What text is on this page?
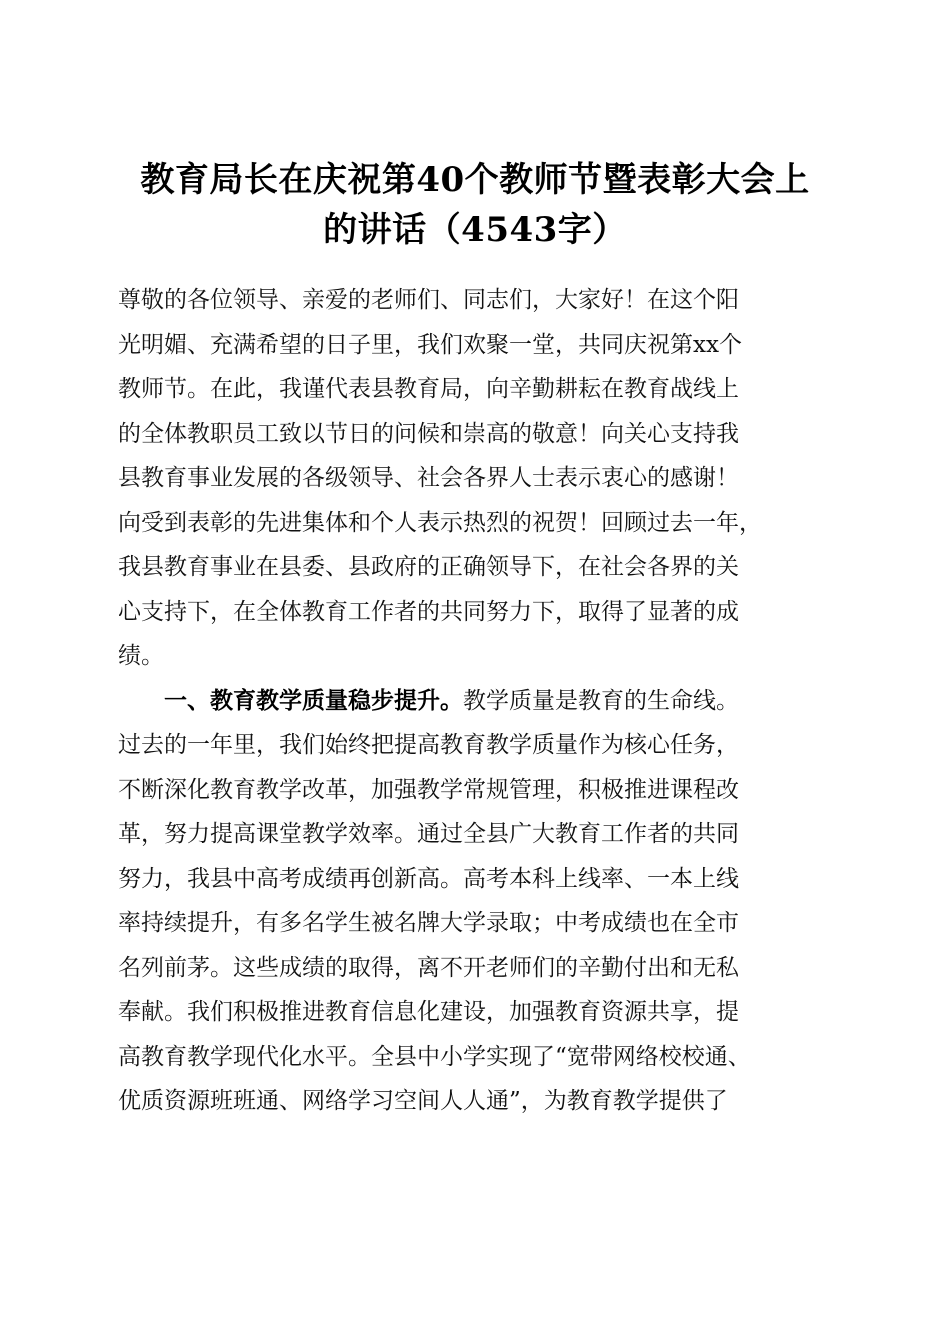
教育局长在庆祝第40个教师节暨表彰大会上
的讲话（4543字）
尊敬的各位领导、亲爱的老师们、同志们，大家好！在这个阳
光明媚、充满希望的日子里，我们欢聚一堂，共同庆祝第xx个
教师节。在此，我谨代表县教育局，向辛勤耕耘在教育战线上
的全体教职员工致以节日的问候和崇高的敬意！向关心支持我
县教育事业发展的各级领导、社会各界人士表示衷心的感谢！
向受到表彰的先进集体和个人表示热烈的祝贺！回顾过去一年，
我县教育事业在县委、县政府的正确领导下，在社会各界的关
心支持下，在全体教育工作者的共同努力下，取得了显著的成
绩。
一、教育教学质量稳步提升。教学质量是教育的生命线。
过去的一年里，我们始终把提高教育教学质量作为核心任务，
不断深化教育教学改革，加强教学常规管理，积极推进课程改
革，努力提高课堂教学效率。通过全县广大教育工作者的共同
努力，我县中高考成绩再创新高。高考本科上线率、一本上线
率持续提升，有多名学生被名牌大学录取；中考成绩也在全市
名列前茅。这些成绩的取得，离不开老师们的辛勤付出和无私
奉献。我们积极推进教育信息化建设，加强教育资源共享，提
高教育教学现代化水平。全县中小学实现了“宽带网络校校通、
优质资源班班通、网络学习空间人人通”，为教育教学提供了
